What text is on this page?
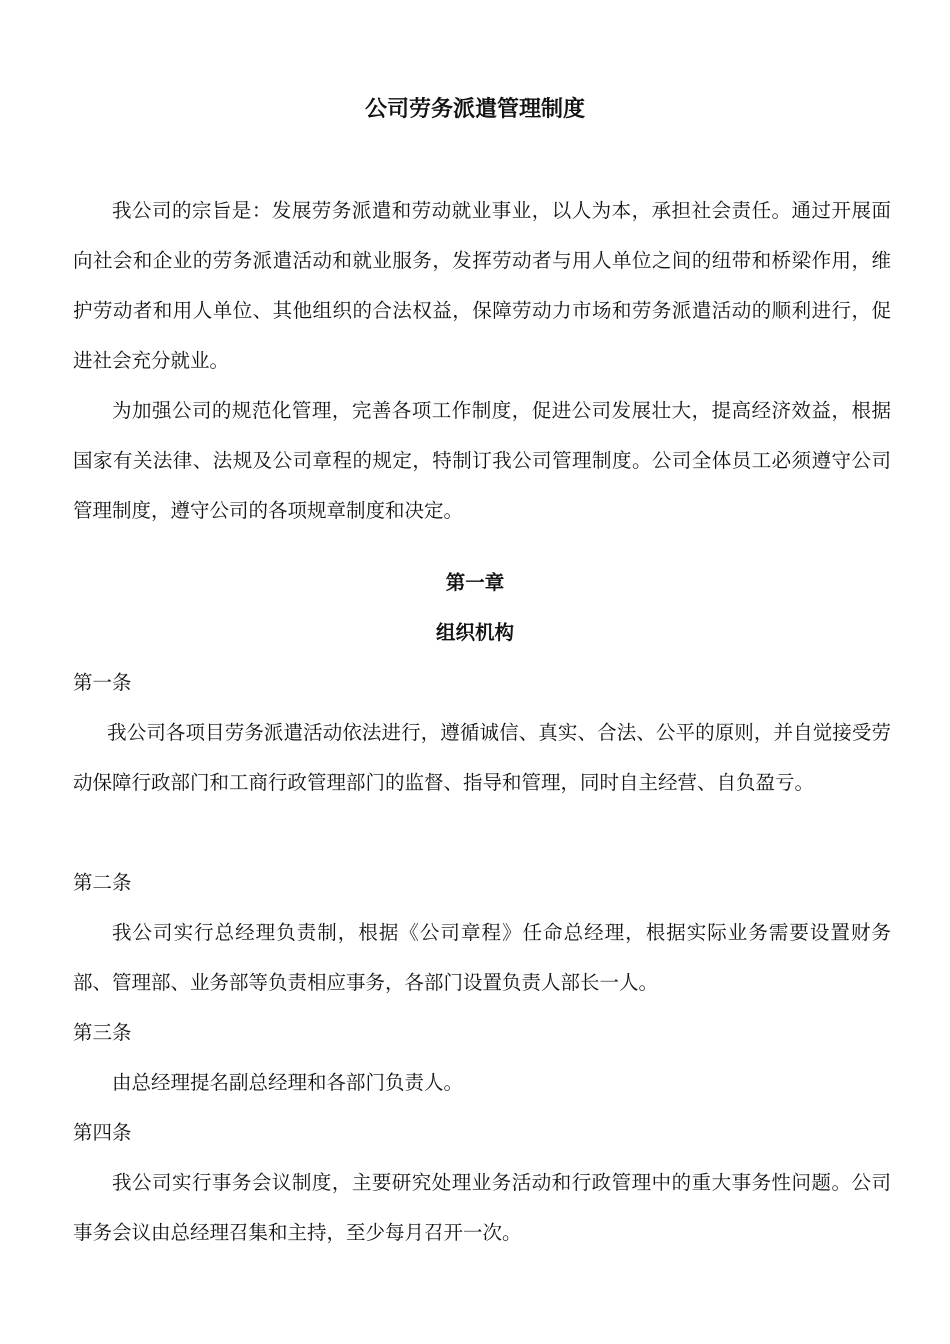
公司劳务派遣管理制度

我公司的宗旨是：发展劳务派遣和劳动就业事业，以人为本，承担社会责任。通过开展面向社会和企业的劳务派遣活动和就业服务，发挥劳动者与用人单位之间的纽带和桥梁作用，维护劳动者和用人单位、其他组织的合法权益，保障劳动力市场和劳务派遣活动的顺利进行，促进社会充分就业。

为加强公司的规范化管理，完善各项工作制度，促进公司发展壮大，提高经济效益，根据国家有关法律、法规及公司章程的规定，特制订我公司管理制度。公司全体员工必须遵守公司管理制度，遵守公司的各项规章制度和决定。

第一章

组织机构

第一条

我公司各项目劳务派遣活动依法进行，遵循诚信、真实、合法、公平的原则，并自觉接受劳动保障行政部门和工商行政管理部门的监督、指导和管理，同时自主经营、自负盈亏。

第二条

我公司实行总经理负责制，根据《公司章程》任命总经理，根据实际业务需要设置财务部、管理部、业务部等负责相应事务，各部门设置负责人部长一人。

第三条

由总经理提名副总经理和各部门负责人。

第四条

我公司实行事务会议制度，主要研究处理业务活动和行政管理中的重大事务性问题。公司事务会议由总经理召集和主持，至少每月召开一次。
